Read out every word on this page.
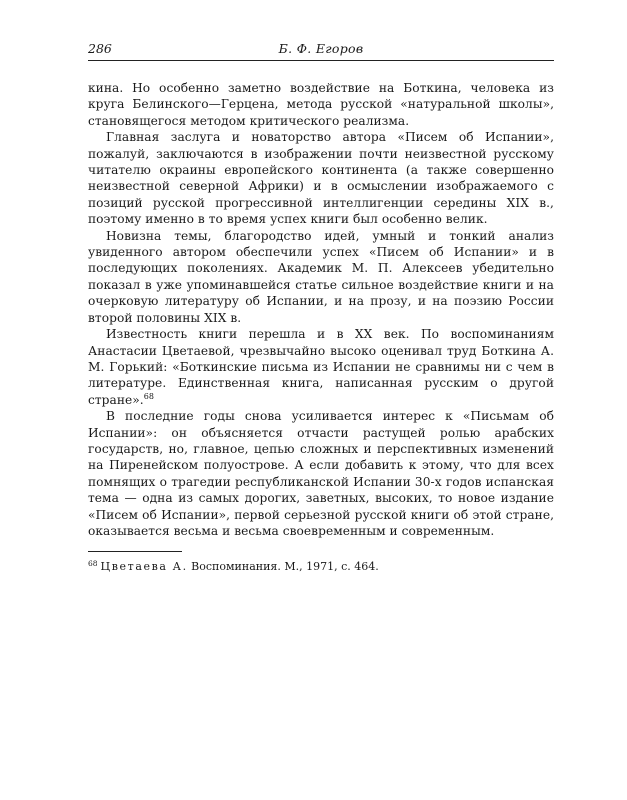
286	Б. Ф. Егоров

кина. Но особенно заметно воздействие на Боткина, человека из круга Белинского—Герцена, метода русской «натуральной школы», становящегося методом критического реализма.

Главная заслуга и новаторство автора «Писем об Испании», пожалуй, заключаются в изображении почти неизвестной русскому читателю окраины европейского континента (а также совершенно неизвестной северной Африки) и в осмыслении изображаемого с позиций русской прогрессивной интеллигенции середины XIX в., поэтому именно в то время успех книги был особенно велик.

Новизна темы, благородство идей, умный и тонкий анализ увиденного автором обеспечили успех «Писем об Испании» и в последующих поколениях. Академик М. П. Алексеев убедительно показал в уже упоминавшейся статье сильное воздействие книги и на очерковую литературу об Испании, и на прозу, и на поэзию России второй половины XIX в.

Известность книги перешла и в XX век. По воспоминаниям Анастасии Цветаевой, чрезвычайно высоко оценивал труд Боткина А. М. Горький: «Боткинские письма из Испании не сравнимы ни с чем в литературе. Единственная книга, написанная русским о другой стране».$^{68}$

В последние годы снова усиливается интерес к «Письмам об Испании»: он объясняется отчасти растущей ролью арабских государств, но, главное, цепью сложных и перспективных изменений на Пиренейском полуострове. А если добавить к этому, что для всех помнящих о трагедии республиканской Испании 30-х годов испанская тема — одна из самых дорогих, заветных, высоких, то новое издание «Писем об Испании», первой серьезной русской книги об этой стране, оказывается весьма и весьма своевременным и современным.

$^{68}$ Цветаева А. Воспоминания. М., 1971, с. 464.
